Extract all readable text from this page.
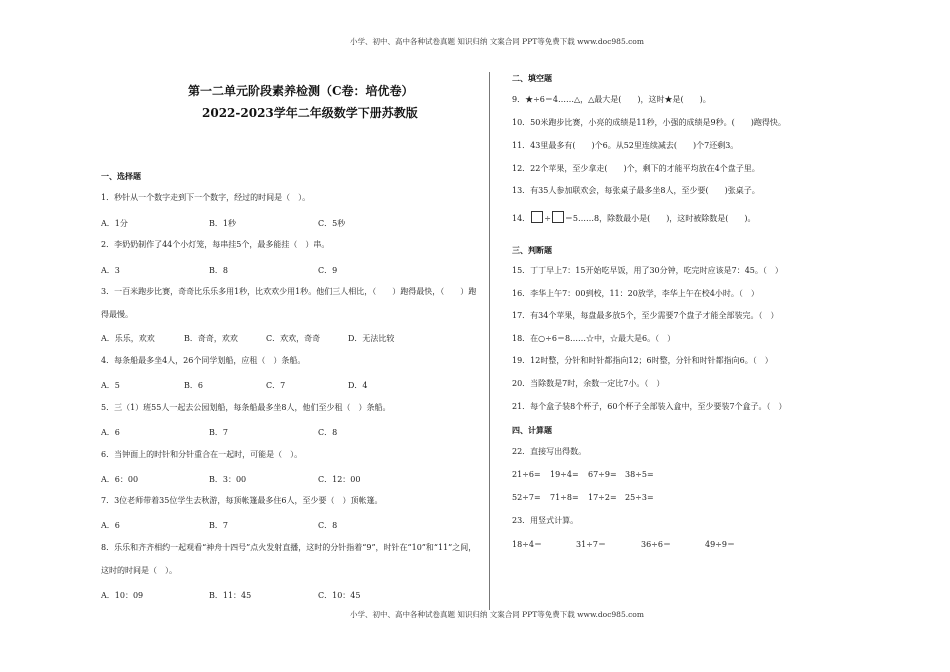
小学、初中、高中各种试卷真题 知识归纳 文案合同 PPT等免费下载 www.doc985.com
小学、初中、高中各种试卷真题 知识归纳 文案合同 PPT等免费下载 www.doc985.com
第一二单元阶段素养检测（C卷：培优卷）
2022-2023学年二年级数学下册苏教版
一、选择题
1．秒针从一个数字走到下一个数字，经过的时间是（　）。
A．1分	B．1秒	C．5秒
2．李奶奶制作了44个小灯笼，每串挂5个，最多能挂（　）串。
A．3	B．8	C．9
3．一百米跑步比赛，奇奇比乐乐多用1秒，比欢欢少用1秒。他们三人相比，（　　）跑得最快，（　　）跑
得最慢。
A．乐乐，欢欢	B．奇奇，欢欢	C．欢欢，奇奇	D．无法比较
4．每条船最多坐4人，26个同学划船，应租（　）条船。
A．5	B．6	C．7	D．4
5．三（1）班55人一起去公园划船，每条船最多坐8人，他们至少租（　）条船。
A．6	B．7	C．8
6．当钟面上的时针和分针重合在一起时，可能是（　）。
A．6：00	B．3：00	C．12：00
7．3位老师带着35位学生去秋游，每顶帐篷最多住6人，至少要（　）顶帐篷。
A．6	B．7	C．8
8．乐乐和齐齐相约一起观看“神舟十四号”点火发射直播，这时的分针指着“9”，时针在“10”和“11”之间，
这时的时间是（　）。
A．10：09	B．11：45	C．10：45
二、填空题
9．★÷6＝4……△，△最大是(　　)，这时★是(　　)。
10．50米跑步比赛，小亮的成绩是11秒，小强的成绩是9秒。(　　)跑得快。
11．43里最多有(　　)个6。从52里连续减去(　　)个7还剩3。
12．22个苹果，至少拿走(　　)个，剩下的才能平均放在4个盘子里。
13．有35人参加联欢会，每张桌子最多坐8人，至少要(　　)张桌子。
14． ÷ ＝5……8，除数最小是(　　)，这时被除数是(　　)。
三、判断题
15．丁丁早上7：15开始吃早饭，用了30分钟，吃完时应该是7：45。（　）
16．李华上午7：00到校，11：20放学，李华上午在校4小时。（　）
17．有34个苹果，每盘最多放5个，至少需要7个盘子才能全部装完。（　）
18．在○÷6＝8……☆中，☆最大是6。（　）
19．12时整，分针和时针都指向12；6时整，分针和时针都指向6。（　）
20．当除数是7时，余数一定比7小。（　）
21．每个盒子装8个杯子，60个杯子全部装入盒中，至少要装7个盒子。（　）
四、计算题
22．直接写出得数。
21÷6= 19÷4= 67÷9= 38÷5=
52÷7= 71÷8= 17÷2= 25÷3=
23．用竖式计算。
18÷4＝	31÷7＝	36÷6＝	49÷9＝
